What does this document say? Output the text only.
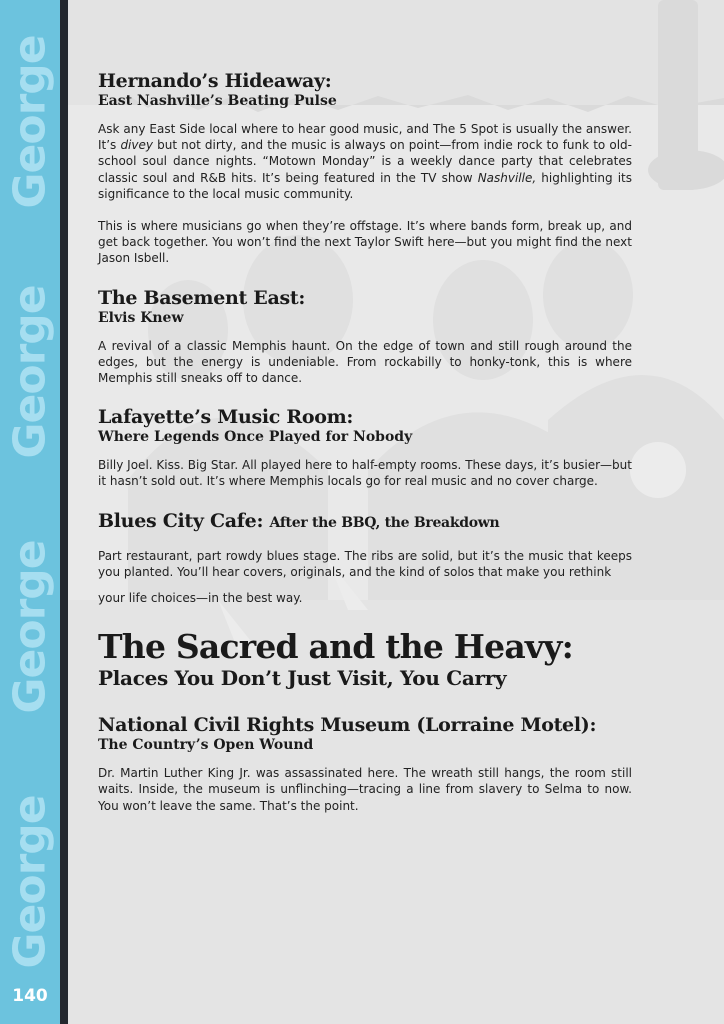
George
George
George
George
140
Hernando’s Hideaway:
East Nashville’s Beating Pulse

Ask any East Side local where to hear good music, and The 5 Spot is usually the answer. It’s divey but not dirty, and the music is always on point—from indie rock to funk to old-school soul dance nights. “Motown Monday” is a weekly dance party that celebrates classic soul and R&B hits. It’s being featured in the TV show Nashville, highlighting its significance to the local music community.

This is where musicians go when they’re offstage. It’s where bands form, break up, and get back together. You won’t find the next Taylor Swift here—but you might find the next Jason Isbell.

The Basement East:
Elvis Knew

A revival of a classic Memphis haunt. On the edge of town and still rough around the edges, but the energy is undeniable. From rockabilly to honky-tonk, this is where Memphis still sneaks off to dance.

Lafayette’s Music Room:
Where Legends Once Played for Nobody

Billy Joel. Kiss. Big Star. All played here to half-empty rooms. These days, it’s busier—but it hasn’t sold out. It’s where Memphis locals go for real music and no cover charge.

Blues City Cafe: After the BBQ, the Breakdown

Part restaurant, part rowdy blues stage. The ribs are solid, but it’s the music that keeps you planted. You’ll hear covers, originals, and the kind of solos that make you rethink

your life choices—in the best way.

The Sacred and the Heavy:
Places You Don’t Just Visit, You Carry
National Civil Rights Museum (Lorraine Motel):
The Country’s Open Wound

Dr. Martin Luther King Jr. was assassinated here. The wreath still hangs, the room still waits. Inside, the museum is unflinching—tracing a line from slavery to Selma to now. You won’t leave the same. That’s the point.
